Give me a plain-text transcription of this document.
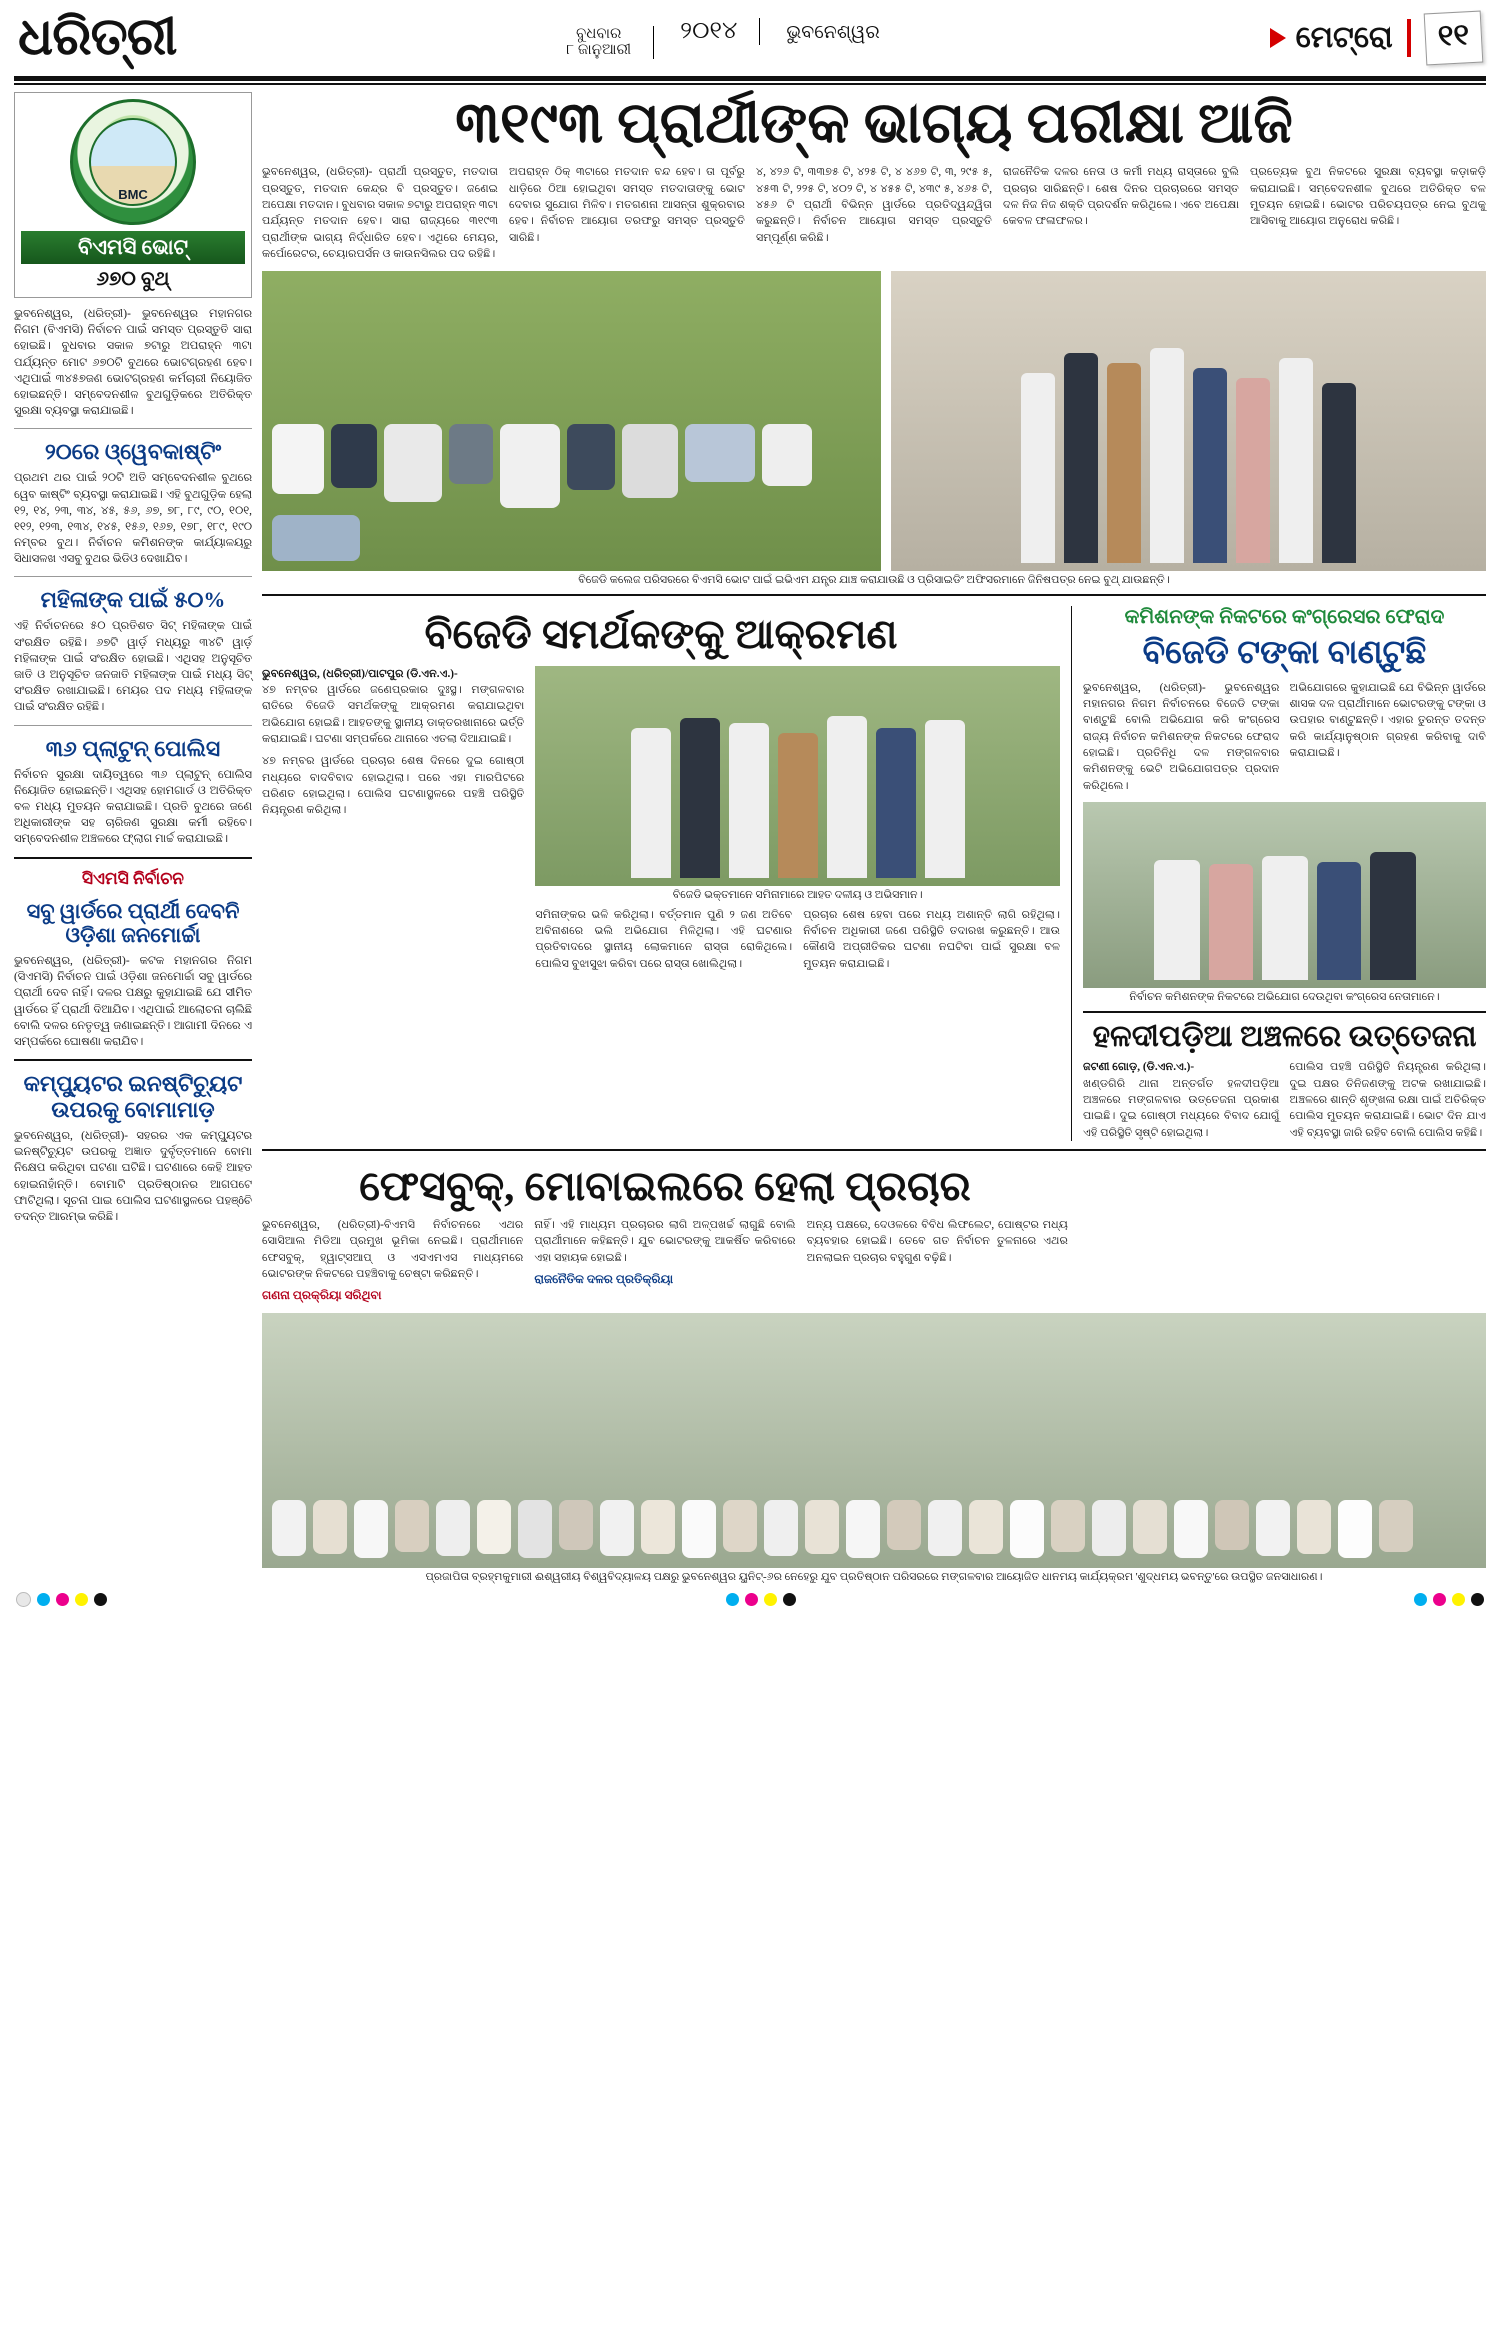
ଧରିତ୍ରୀ	ବୁଧବାର
୮ ଜାନୁଆରୀ
୨୦୧୪	ଭୁବନେଶ୍ୱର	ମେଟ୍ରୋ	୧୧
BMC
ବିଏମସି ଭୋଟ୍
୬୭୦ ବୁଥ୍
ଭୁବନେଶ୍ୱର, (ଧରିତ୍ରୀ)- ଭୁବନେଶ୍ୱର ମହାନଗର ନିଗମ (ବିଏମସି) ନିର୍ବାଚନ ପାଇଁ ସମସ୍ତ ପ୍ରସ୍ତୁତି ସାରା ହୋଇଛି। ବୁଧବାର ସକାଳ ୭ଟାରୁ ଅପରାହ୍ନ ୩ଟା ପର୍ଯ୍ୟନ୍ତ ମୋଟ ୬୭୦ଟି ବୁଥରେ ଭୋଟଗ୍ରହଣ ହେବ। ଏଥିପାଇଁ ୩୪୫୭ଜଣ ଭୋଟଗ୍ରହଣ କର୍ମଚାରୀ ନିୟୋଜିତ ହୋଇଛନ୍ତି। ସମ୍ବେଦନଶୀଳ ବୁଥଗୁଡ଼ିକରେ ଅତିରିକ୍ତ ସୁରକ୍ଷା ବ୍ୟବସ୍ଥା କରାଯାଇଛି।
୨୦ରେ ଓ୍ୱେବକାଷ୍ଟିଂ
ପ୍ରଥମ ଥର ପାଇଁ ୨୦ଟି ଅତି ସମ୍ବେଦନଶୀଳ ବୁଥରେ ୱେବ କାଷ୍ଟିଂ ବ୍ୟବସ୍ଥା କରାଯାଇଛି। ଏହି ବୁଥଗୁଡ଼ିକ ହେଲା ୧୨, ୧୪, ୨୩, ୩୪, ୪୫, ୫୬, ୬୭, ୭୮, ୮୯, ୯୦, ୧୦୧, ୧୧୨, ୧୨୩, ୧୩୪, ୧୪୫, ୧୫୬, ୧୬୭, ୧୭୮, ୧୮୯, ୧୯୦ ନମ୍ବର ବୁଥ। ନିର୍ବାଚନ କମିଶନଙ୍କ କାର୍ଯ୍ୟାଳୟରୁ ସିଧାସଳଖ ଏସବୁ ବୁଥର ଭିଡିଓ ଦେଖାଯିବ।
ମହିଳାଙ୍କ ପାଇଁ ୫୦%
ଏହି ନିର୍ବାଚନରେ ୫୦ ପ୍ରତିଶତ ସିଟ୍ ମହିଳାଙ୍କ ପାଇଁ ସଂରକ୍ଷିତ ରହିଛି। ୬୭ଟି ୱାର୍ଡ଼ ମଧ୍ୟରୁ ୩୪ଟି ୱାର୍ଡ଼ ମହିଳାଙ୍କ ପାଇଁ ସଂରକ୍ଷିତ ହୋଇଛି। ଏଥିସହ ଅନୁସୂଚିତ ଜାତି ଓ ଅନୁସୂଚିତ ଜନଜାତି ମହିଳାଙ୍କ ପାଇଁ ମଧ୍ୟ ସିଟ୍ ସଂରକ୍ଷିତ ରଖାଯାଇଛି। ମେୟର ପଦ ମଧ୍ୟ ମହିଳାଙ୍କ ପାଇଁ ସଂରକ୍ଷିତ ରହିଛି।
୩୬ ପ୍ଲାଟୁନ୍ ପୋଲିସ
ନିର୍ବାଚନ ସୁରକ୍ଷା ଦାୟିତ୍ୱରେ ୩୬ ପ୍ଲାଟୁନ୍ ପୋଲିସ ନିୟୋଜିତ ହୋଇଛନ୍ତି। ଏଥିସହ ହୋମଗାର୍ଡ ଓ ଅତିରିକ୍ତ ବଳ ମଧ୍ୟ ମୁତୟନ କରାଯାଇଛି। ପ୍ରତି ବୁଥରେ ଜଣେ ଅଧିକାରୀଙ୍କ ସହ ଚାରିଜଣ ସୁରକ୍ଷା କର୍ମୀ ରହିବେ। ସମ୍ବେଦନଶୀଳ ଅଞ୍ଚଳରେ ଫ୍ଲାଗ ମାର୍ଚ୍ଚ କରାଯାଇଛି।
ସିଏମସି ନିର୍ବାଚନ
ସବୁ ୱାର୍ଡରେ ପ୍ରାର୍ଥୀ ଦେବନି ଓଡ଼ିଶା ଜନମୋର୍ଚ୍ଚା
ଭୁବନେଶ୍ୱର, (ଧରିତ୍ରୀ)- କଟକ ମହାନଗର ନିଗମ (ସିଏମସି) ନିର୍ବାଚନ ପାଇଁ ଓଡ଼ିଶା ଜନମୋର୍ଚ୍ଚା ସବୁ ୱାର୍ଡରେ ପ୍ରାର୍ଥୀ ଦେବ ନାହିଁ। ଦଳର ପକ୍ଷରୁ କୁହାଯାଇଛି ଯେ ସୀମିତ ୱାର୍ଡରେ ହିଁ ପ୍ରାର୍ଥୀ ଦିଆଯିବ। ଏଥିପାଇଁ ଆଲୋଚନା ଚାଲିଛି ବୋଲି ଦଳର ନେତୃତ୍ୱ ଜଣାଇଛନ୍ତି। ଆଗାମୀ ଦିନରେ ଏ ସମ୍ପର୍କରେ ଘୋଷଣା କରାଯିବ।
କମ୍ପ୍ୟୁଟର ଇନଷ୍ଟିଚ୍ୟୁଟ ଉପରକୁ ବୋମାମାଡ଼
ଭୁବନେଶ୍ୱର, (ଧରିତ୍ରୀ)- ସହରର ଏକ କମ୍ପ୍ୟୁଟର ଇନଷ୍ଟିଚ୍ୟୁଟ ଉପରକୁ ଅଜ୍ଞାତ ଦୁର୍ବୃତ୍ତମାନେ ବୋମା ନିକ୍ଷେପ କରିଥିବା ଘଟଣା ଘଟିଛି। ଘଟଣାରେ କେହି ଆହତ ହୋଇନାହାଁନ୍ତି। ବୋମାଟି ପ୍ରତିଷ୍ଠାନର ଆଗପଟେ ଫାଟିଥିଲା। ସୂଚନା ପାଇ ପୋଲିସ ଘଟଣାସ୍ଥଳରେ ପହଞ୍ôଚି ତଦନ୍ତ ଆରମ୍ଭ କରିଛି।
୩୧୯୩ ପ୍ରାର୍ଥୀଙ୍କ ଭାଗ୍ୟ ପରୀକ୍ଷା ଆଜି
ଭୁବନେଶ୍ୱର, (ଧରିତ୍ରୀ)- ପ୍ରାର୍ଥୀ ପ୍ରସ୍ତୁତ, ମତଦାତା ପ୍ରସ୍ତୁତ, ମତଦାନ କେନ୍ଦ୍ର ବି ପ୍ରସ୍ତୁତ। ଜଣେଇ ଅପେକ୍ଷା ମତଦାନ। ବୁଧବାର ସକାଳ ୭ଟାରୁ ଅପରାହ୍ନ ୩ଟା ପର୍ଯ୍ୟନ୍ତ ମତଦାନ ହେବ। ସାରା ରାଜ୍ୟରେ ୩୧୯୩ ପ୍ରାର୍ଥୀଙ୍କ ଭାଗ୍ୟ ନିର୍ଦ୍ଧାରିତ ହେବ। ଏଥିରେ ମେୟର, କର୍ପୋରେଟର, ଚେୟାରପର୍ସନ ଓ କାଉନସିଲର ପଦ ରହିଛି।
ଅପରାହ୍ନ ଠିକ୍ ୩ଟାରେ ମତଦାନ ବନ୍ଦ ହେବ। ତା ପୂର୍ବରୁ ଧାଡ଼ିରେ ଠିଆ ହୋଇଥିବା ସମସ୍ତ ମତଦାତାଙ୍କୁ ଭୋଟ ଦେବାର ସୁଯୋଗ ମିଳିବ। ମତଗଣନା ଆସନ୍ତା ଶୁକ୍ରବାର ହେବ। ନିର୍ବାଚନ ଆୟୋଗ ତରଫରୁ ସମସ୍ତ ପ୍ରସ୍ତୁତି ସାରିଛି।
୪, ୪୨୬ ଟି, ୩୩୭୫ ଟି, ୪୨୫ ଟି, ୪ ୪୬୭ ଟି, ୩, ୨୯୫ ୫, ୪୫୩ ଟି, ୨୨୫ ଟି, ୪୦୨ ଟି, ୪ ୪୫୫ ଟି, ୪୩୯ ୫, ୪୬୫ ଟି, ୪୫୬ ଟି ପ୍ରାର୍ଥୀ ବିଭିନ୍ନ ୱାର୍ଡରେ ପ୍ରତିଦ୍ୱନ୍ଦ୍ୱିତା କରୁଛନ୍ତି। ନିର୍ବାଚନ ଆୟୋଗ ସମସ୍ତ ପ୍ରସ୍ତୁତି ସମ୍ପୂର୍ଣ୍ଣ କରିଛି।
ରାଜନୈତିକ ଦଳର ନେତା ଓ କର୍ମୀ ମଧ୍ୟ ରାସ୍ତାରେ ବୁଲି ପ୍ରଚାର ସାରିଛନ୍ତି। ଶେଷ ଦିନର ପ୍ରଚାରରେ ସମସ୍ତ ଦଳ ନିଜ ନିଜ ଶକ୍ତି ପ୍ରଦର୍ଶନ କରିଥିଲେ। ଏବେ ଅପେକ୍ଷା କେବଳ ଫଳାଫଳର।
ପ୍ରତ୍ୟେକ ବୁଥ ନିକଟରେ ସୁରକ୍ଷା ବ୍ୟବସ୍ଥା କଡ଼ାକଡ଼ି କରାଯାଇଛି। ସମ୍ବେଦନଶୀଳ ବୁଥରେ ଅତିରିକ୍ତ ବଳ ମୁତୟନ ହୋଇଛି। ଭୋଟର ପରିଚୟପତ୍ର ନେଇ ବୁଥକୁ ଆସିବାକୁ ଆୟୋଗ ଅନୁରୋଧ କରିଛି।
ବିଜେଡି କଲେଜ ପରିସରରେ ବିଏମସି ଭୋଟ ପାଇଁ ଇଭିଏମ ଯନ୍ତ୍ର ଯାଞ୍ଚ କରାଯାଉଛି ଓ ପ୍ରିସାଇଡିଂ ଅଫିସରମାନେ ଜିନିଷପତ୍ର ନେଇ ବୁଥ୍ ଯାଉଛନ୍ତି।
ବିଜେଡି ସମର୍ଥକଙ୍କୁ ଆକ୍ରମଣ
ଭୁବନେଶ୍ୱର, (ଧରିତ୍ରୀ)/ପାଟପୁର (ଡି.ଏନ.ଏ.)-
୪୭ ନମ୍ବର ୱାର୍ଡରେ ଜଣେପ୍ରକାର ଦୁଃସ୍ଥ। ମଙ୍ଗଳବାର ରାତିରେ ବିଜେଡି ସମର୍ଥକଙ୍କୁ ଆକ୍ରମଣ କରାଯାଇଥିବା ଅଭିଯୋଗ ହୋଇଛି। ଆହତଙ୍କୁ ସ୍ଥାନୀୟ ଡାକ୍ତରଖାନାରେ ଭର୍ତ୍ତି କରାଯାଇଛି। ଘଟଣା ସମ୍ପର୍କରେ ଥାନାରେ ଏତଲା ଦିଆଯାଇଛି।
୪୭ ନମ୍ବର ୱାର୍ଡରେ ପ୍ରଚାର ଶେଷ ଦିନରେ ଦୁଇ ଗୋଷ୍ଠୀ ମଧ୍ୟରେ ବାଦବିବାଦ ହୋଇଥିଲା। ପରେ ଏହା ମାରପିଟରେ ପରିଣତ ହୋଇଥିଲା। ପୋଲିସ ଘଟଣାସ୍ଥଳରେ ପହଞ୍ଚି ପରିସ୍ଥିତି ନିୟନ୍ତ୍ରଣ କରିଥିଲା।
ବିଜେଡି ଭକ୍ତମାନେ ସମିନାମାରେ ଆହତ ଦଳୀୟ ଓ ଅଭିସମାନ।
ସମିନାଙ୍କର ଭଳି କରିଥିଲା। ବର୍ତ୍ତମାନ ପୁଣି ୨ ଜଣ ଅତିବେ ଅବିନାଶରେ ଭଲି ଅଭିଯୋଗ ମିଳିଥିଲା। ଏହି ଘଟଣାର ପ୍ରତିବାଦରେ ସ୍ଥାନୀୟ ଲୋକମାନେ ରାସ୍ତା ରୋକିଥିଲେ। ପୋଲିସ ବୁଝାସୁଝା କରିବା ପରେ ରାସ୍ତା ଖୋଲିଥିଲା।
ପ୍ରଚାର ଶେଷ ହେବା ପରେ ମଧ୍ୟ ଅଶାନ୍ତି ଲାଗି ରହିଥିଲା। ନିର୍ବାଚନ ଅଧିକାରୀ ଜଣେ ପରିସ୍ଥିତି ତଦାରଖ କରୁଛନ୍ତି। ଆଉ କୌଣସି ଅପ୍ରୀତିକର ଘଟଣା ନଘଟିବା ପାଇଁ ସୁରକ୍ଷା ବଳ ମୁତୟନ କରାଯାଇଛି।
କମିଶନଙ୍କ ନିକଟରେ କଂଗ୍ରେସର ଫେରାଦ
ବିଜେଡି ଟଙ୍କା ବାଣ୍ଟୁଛି
ଭୁବନେଶ୍ୱର, (ଧରିତ୍ରୀ)- ଭୁବନେଶ୍ୱର ମହାନଗର ନିଗମ ନିର୍ବାଚନରେ ବିଜେଡି ଟଙ୍କା ବାଣ୍ଟୁଛି ବୋଲି ଅଭିଯୋଗ କରି କଂଗ୍ରେସ ରାଜ୍ୟ ନିର୍ବାଚନ କମିଶନଙ୍କ ନିକଟରେ ଫେରାଦ ହୋଇଛି। ପ୍ରତିନିଧି ଦଳ ମଙ୍ଗଳବାର କମିଶନଙ୍କୁ ଭେଟି ଅଭିଯୋଗପତ୍ର ପ୍ରଦାନ କରିଥିଲେ।
ଅଭିଯୋଗରେ କୁହାଯାଇଛି ଯେ ବିଭିନ୍ନ ୱାର୍ଡରେ ଶାସକ ଦଳ ପ୍ରାର୍ଥୀମାନେ ଭୋଟରଙ୍କୁ ଟଙ୍କା ଓ ଉପହାର ବାଣ୍ଟୁଛନ୍ତି। ଏହାର ତୁରନ୍ତ ତଦନ୍ତ କରି କାର୍ଯ୍ୟାନୁଷ୍ଠାନ ଗ୍ରହଣ କରିବାକୁ ଦାବି କରାଯାଇଛି।
ନିର୍ବାଚନ କମିଶନଙ୍କ ନିକଟରେ ଅଭିଯୋଗ ଦେଉଥିବା କଂଗ୍ରେସ ନେତାମାନେ।
ହଳଦୀପଡ଼ିଆ ଅଞ୍ଚଳରେ ଉତ୍ତେଜନା
ଜଟଣୀ ଗୋଡ଼, (ଡି.ଏନ.ଏ.)-
ଖଣ୍ଡଗିରି ଥାନା ଅନ୍ତର୍ଗତ ହଳଦୀପଡ଼ିଆ ଅଞ୍ଚଳରେ ମଙ୍ଗଳବାର ଉତ୍ତେଜନା ପ୍ରକାଶ ପାଇଛି। ଦୁଇ ଗୋଷ୍ଠୀ ମଧ୍ୟରେ ବିବାଦ ଯୋଗୁଁ ଏହି ପରିସ୍ଥିତି ସୃଷ୍ଟି ହୋଇଥିଲା।
ପୋଲିସ ପହଞ୍ଚି ପରିସ୍ଥିତି ନିୟନ୍ତ୍ରଣ କରିଥିଲା। ଦୁଇ ପକ୍ଷର ତିନିଜଣଙ୍କୁ ଅଟକ ରଖାଯାଇଛି। ଅଞ୍ଚଳରେ ଶାନ୍ତି ଶୃଙ୍ଖଳା ରକ୍ଷା ପାଇଁ ଅତିରିକ୍ତ ପୋଲିସ ମୁତୟନ କରାଯାଇଛି। ଭୋଟ ଦିନ ଯାଏ ଏହି ବ୍ୟବସ୍ଥା ଜାରି ରହିବ ବୋଲି ପୋଲିସ କହିଛି।
ଫେସବୁକ୍, ମୋବାଇଲରେ ହେଲା ପ୍ରଚାର
ଭୁବନେଶ୍ୱର, (ଧରିତ୍ରୀ)-ବିଏମସି ନିର୍ବାଚନରେ ଏଥର ସୋସିଆଲ ମିଡିଆ ପ୍ରମୁଖ ଭୂମିକା ନେଇଛି। ପ୍ରାର୍ଥୀମାନେ ଫେସବୁକ୍, ହ୍ୱାଟ୍ସଆପ୍ ଓ ଏସଏମଏସ ମାଧ୍ୟମରେ ଭୋଟରଙ୍କ ନିକଟରେ ପହଞ୍ଚିବାକୁ ଚେଷ୍ଟା କରିଛନ୍ତି।
ଗଣନା ପ୍ରକ୍ରିୟା ସରିଥିବା
ନାହିଁ। ଏହି ମାଧ୍ୟମ ପ୍ରଚାରର ଲାଗି ଅଳ୍ପଖର୍ଚ୍ଚ ଲାଗୁଛି ବୋଲି ପ୍ରାର୍ଥୀମାନେ କହିଛନ୍ତି। ଯୁବ ଭୋଟରଙ୍କୁ ଆକର୍ଷିତ କରିବାରେ ଏହା ସହାୟକ ହୋଇଛି।
ରାଜନୈତିକ ଦଳର ପ୍ରତିକ୍ରିୟା
ଅନ୍ୟ ପକ୍ଷରେ, ଦେଓଳରେ ବିବିଧ ଲିଫଲେଟ, ପୋଷ୍ଟର ମଧ୍ୟ ବ୍ୟବହାର ହୋଇଛି। ତେବେ ଗତ ନିର୍ବାଚନ ତୁଳନାରେ ଏଥର ଅନଲାଇନ ପ୍ରଚାର ବହୁଗୁଣ ବଢ଼ିଛି।
ପ୍ରଜାପିତା ବ୍ରହ୍ମକୁମାରୀ ଈଶ୍ୱରୀୟ ବିଶ୍ୱବିଦ୍ୟାଳୟ ପକ୍ଷରୁ ଭୁବନେଶ୍ୱର ୟୁନିଟ୍-୬ର ନେହେରୁ ଯୁବ ପ୍ରତିଷ୍ଠାନ ପରିସରରେ ମଙ୍ଗଳବାର ଆୟୋଜିତ ଧାନମୟ କାର୍ଯ୍ୟକ୍ରମ 'ଶୁଦ୍ଧମୟ ଭବନ୍ତୁ'ରେ ଉପସ୍ଥିତ ଜନସାଧାରଣ।
